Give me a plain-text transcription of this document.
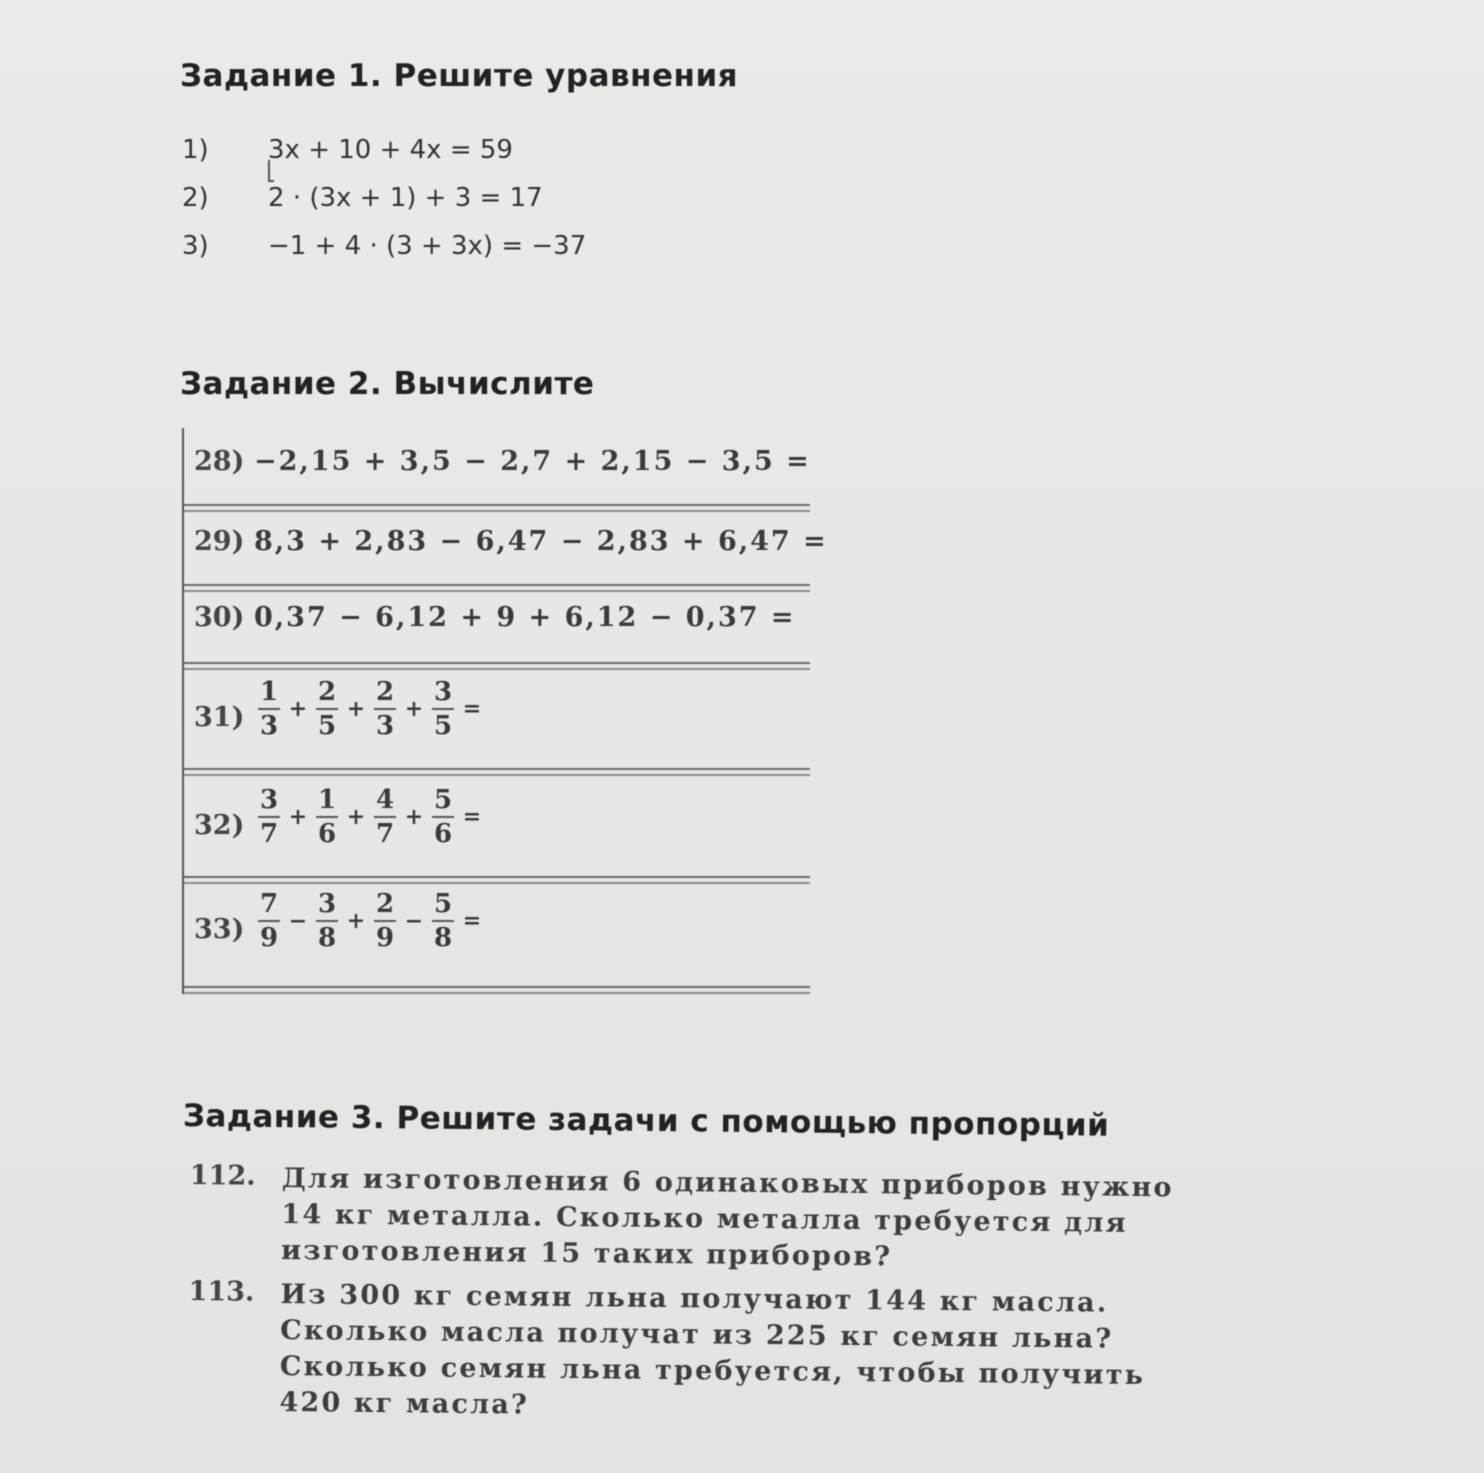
Задание 1. Решите уравнения
1)	3x + 10 + 4x = 59
2)	2 · (3x + 1) + 3 = 17
3)	−1 + 4 · (3 + 3x) = −37
Задание 2. Вычислите
28) −2,15 + 3,5 − 2,7 + 2,15 − 3,5 =
29) 8,3 + 2,83 − 6,47 − 2,83 + 6,47 =
30) 0,37 − 6,12 + 9 + 6,12 − 0,37 =
$31) \frac{1}{3} + \frac{2}{5} + \frac{2}{3} + \frac{3}{5}$ =
$32) \frac{3}{7} + \frac{1}{6} + \frac{4}{7} + \frac{5}{6}$ =
$33) \frac{7}{9} - \frac{3}{8} + \frac{2}{9} - \frac{5}{8}$ =
Задание 3. Решите задачи с помощью пропорций
112. Для изготовления 6 одинаковых приборов нужно 14 кг металла. Сколько металла требуется для изготовления 15 таких приборов?
113. Из 300 кг семян льна получают 144 кг масла. Сколько масла получат из 225 кг семян льна? Сколько семян льна требуется, чтобы получить 420 кг масла?
